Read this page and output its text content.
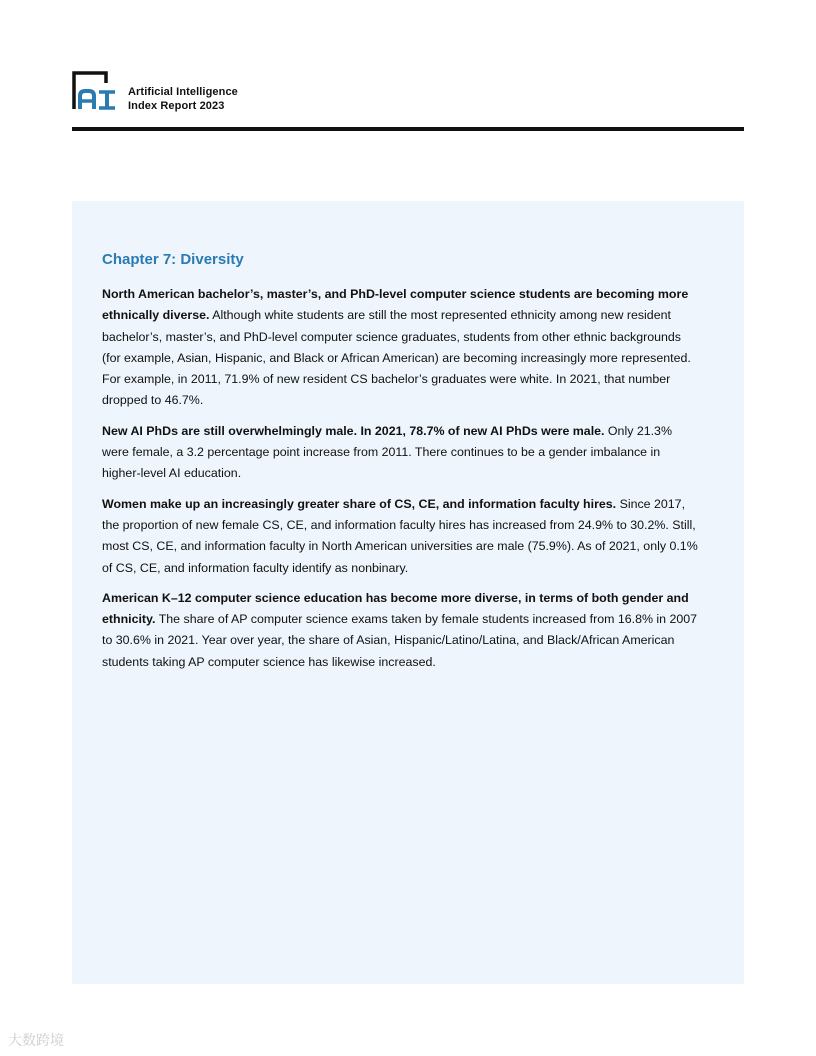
Artificial Intelligence
Index Report 2023
Chapter 7: Diversity

North American bachelor’s, master’s, and PhD-level computer science students are becoming more ethnically diverse. Although white students are still the most represented ethnicity among new resident bachelor’s, master’s, and PhD-level computer science graduates, students from other ethnic backgrounds (for example, Asian, Hispanic, and Black or African American) are becoming increasingly more represented. For example, in 2011, 71.9% of new resident CS bachelor’s graduates were white. In 2021, that number dropped to 46.7%.

New AI PhDs are still overwhelmingly male. In 2021, 78.7% of new AI PhDs were male. Only 21.3% were female, a 3.2 percentage point increase from 2011. There continues to be a gender imbalance in higher-level AI education.

Women make up an increasingly greater share of CS, CE, and information faculty hires. Since 2017, the proportion of new female CS, CE, and information faculty hires has increased from 24.9% to 30.2%. Still, most CS, CE, and information faculty in North American universities are male (75.9%). As of 2021, only 0.1% of CS, CE, and information faculty identify as nonbinary.

American K–12 computer science education has become more diverse, in terms of both gender and ethnicity. The share of AP computer science exams taken by female students increased from 16.8% in 2007 to 30.6% in 2021. Year over year, the share of Asian, Hispanic/Latino/Latina, and Black/African American students taking AP computer science has likewise increased.

大数跨境
